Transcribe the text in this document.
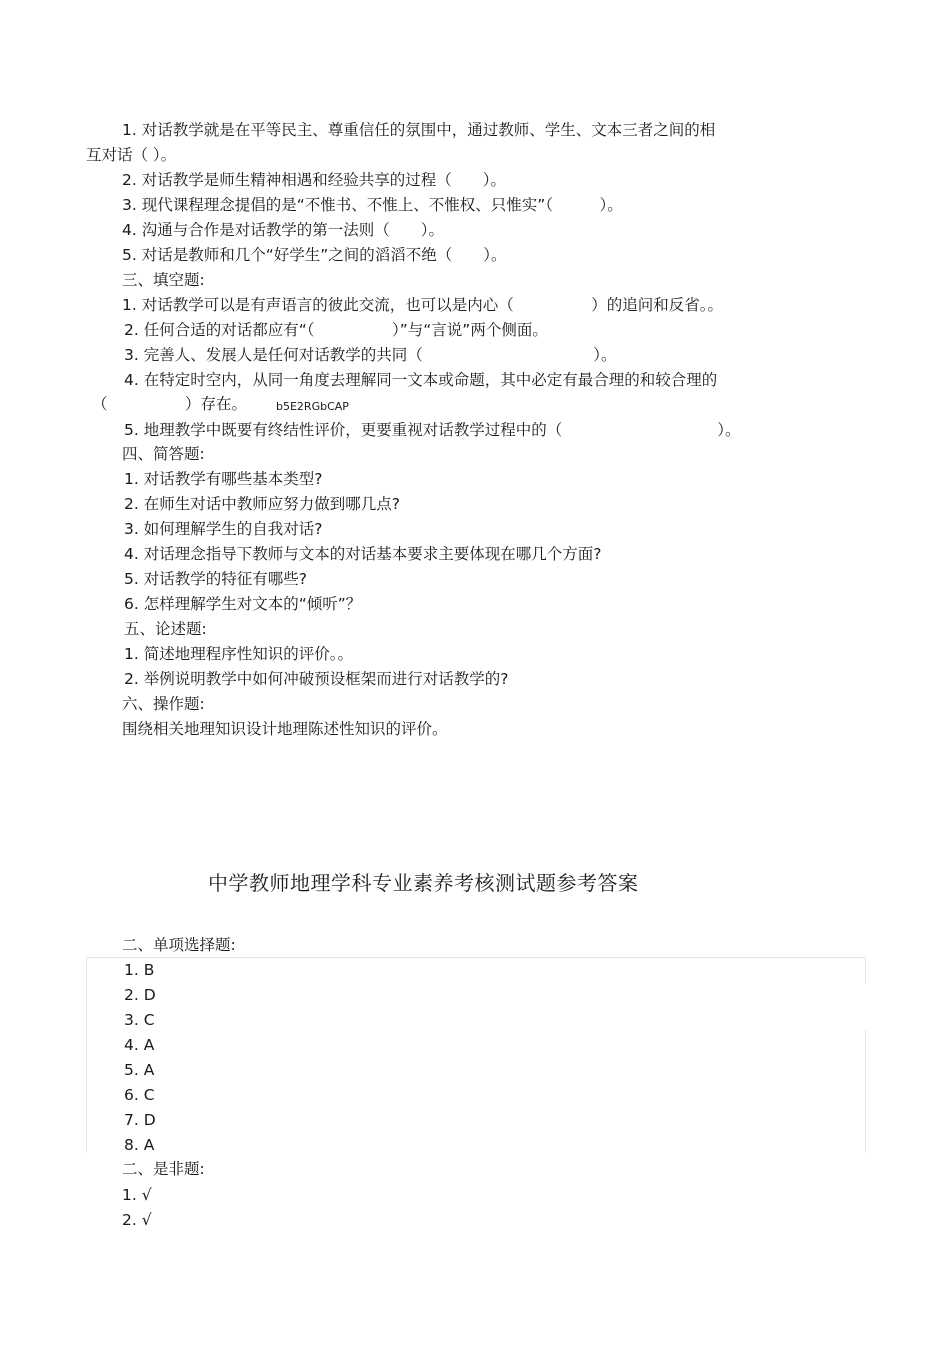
1. 对话教学就是在平等民主、尊重信任的氛围中，通过教师、学生、文本三者之间的相
互对话（ ）。
2. 对话教学是师生精神相遇和经验共享的过程（　　）。
3. 现代课程理念提倡的是“不惟书、不惟上、不惟权、只惟实”（　　　）。
4. 沟通与合作是对话教学的第一法则（　　）。
5. 对话是教师和几个“好学生”之间的滔滔不绝（　　）。
三、填空题:
1. 对话教学可以是有声语言的彼此交流，也可以是内心（　　　　　）的追问和反省。。
2. 任何合适的对话都应有“（　　　　　）”与“言说”两个侧面。
3. 完善人、发展人是任何对话教学的共同（　　　　　　　　　　　）。
4. 在特定时空内，从同一角度去理解同一文本或命题，其中必定有最合理的和较合理的
（　　　　　）存在。	b5E2RGbCAP
5. 地理教学中既要有终结性评价，更要重视对话教学过程中的（　　　　　　　　　　）。
四、简答题:
1. 对话教学有哪些基本类型?
2. 在师生对话中教师应努力做到哪几点?
3. 如何理解学生的自我对话?
4. 对话理念指导下教师与文本的对话基本要求主要体现在哪几个方面?
5. 对话教学的特征有哪些?
6. 怎样理解学生对文本的“倾听”？
五、论述题:
1. 简述地理程序性知识的评价。。
2. 举例说明教学中如何冲破预设框架而进行对话教学的?
六、操作题:
围绕相关地理知识设计地理陈述性知识的评价。
中学教师地理学科专业素养考核测试题参考答案
二、单项选择题:
1. B
2. D
3. C
4. A
5. A
6. C
7. D
8. A
二、是非题:
1. √
2. √
